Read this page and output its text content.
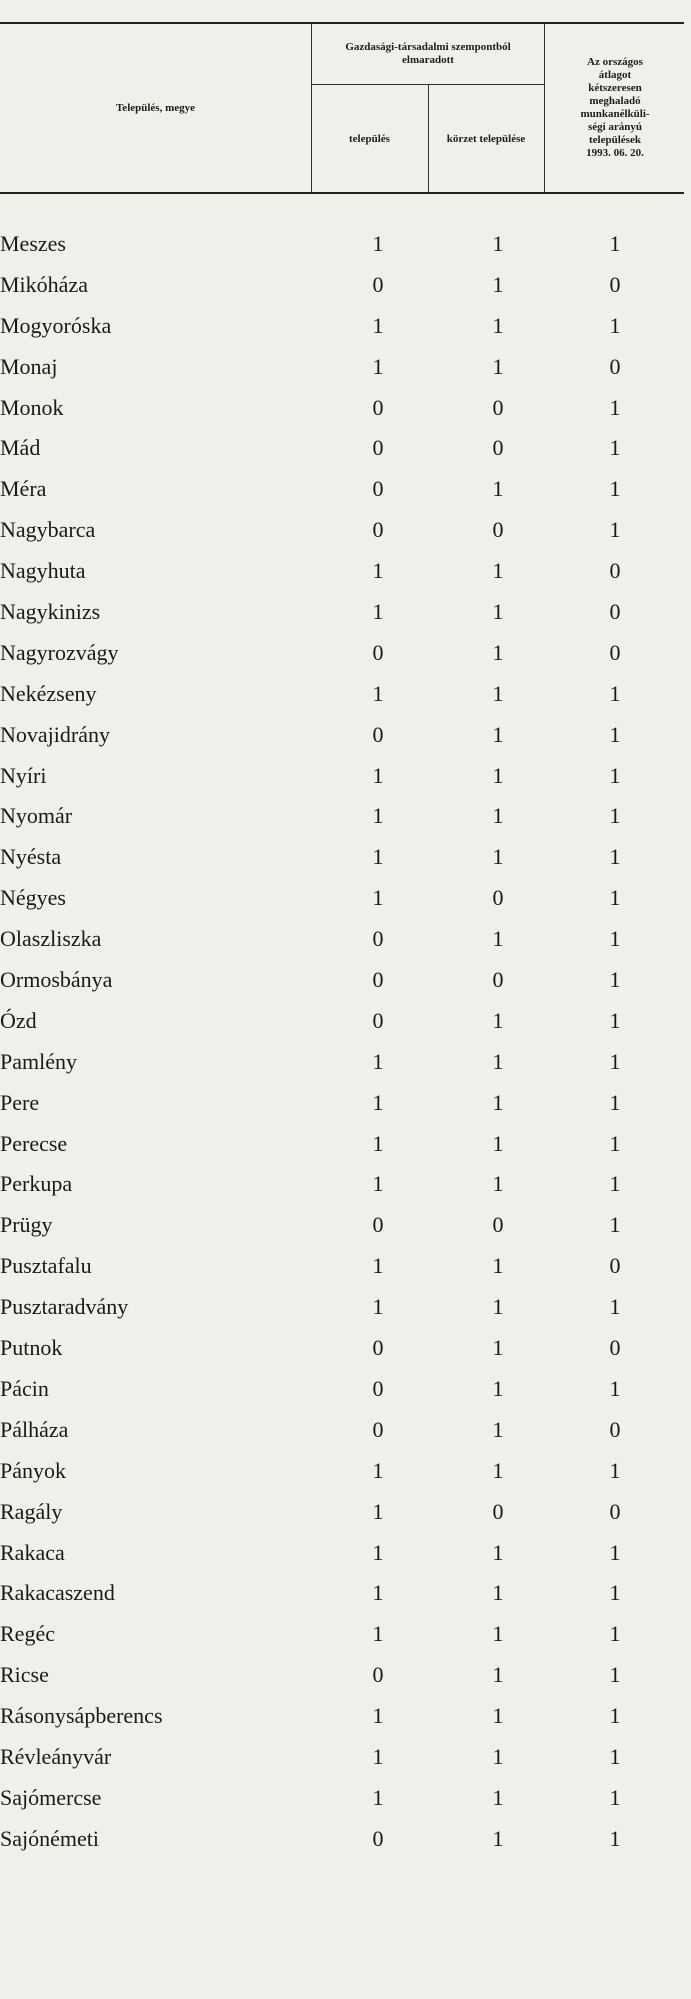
Település, megye
Gazdasági-társadalmi szempontból elmaradott
település	körzet települése
Az országos
átlagot
kétszeresen
meghaladó
munkanélküli-
ségi arányú
települések
1993. 06. 20.
Meszes	1	1	1
Mikóháza	0	1	0
Mogyoróska	1	1	1
Monaj	1	1	0
Monok	0	0	1
Mád	0	0	1
Méra	0	1	1
Nagybarca	0	0	1
Nagyhuta	1	1	0
Nagykinizs	1	1	0
Nagyrozvágy	0	1	0
Nekézseny	1	1	1
Novajidrány	0	1	1
Nyíri	1	1	1
Nyomár	1	1	1
Nyésta	1	1	1
Négyes	1	0	1
Olaszliszka	0	1	1
Ormosbánya	0	0	1
Ózd	0	1	1
Pamlény	1	1	1
Pere	1	1	1
Perecse	1	1	1
Perkupa	1	1	1
Prügy	0	0	1
Pusztafalu	1	1	0
Pusztaradvány	1	1	1
Putnok	0	1	0
Pácin	0	1	1
Pálháza	0	1	0
Pányok	1	1	1
Ragály	1	0	0
Rakaca	1	1	1
Rakacaszend	1	1	1
Regéc	1	1	1
Ricse	0	1	1
Rásonysápberencs	1	1	1
Révleányvár	1	1	1
Sajómercse	1	1	1
Sajónémeti	0	1	1
